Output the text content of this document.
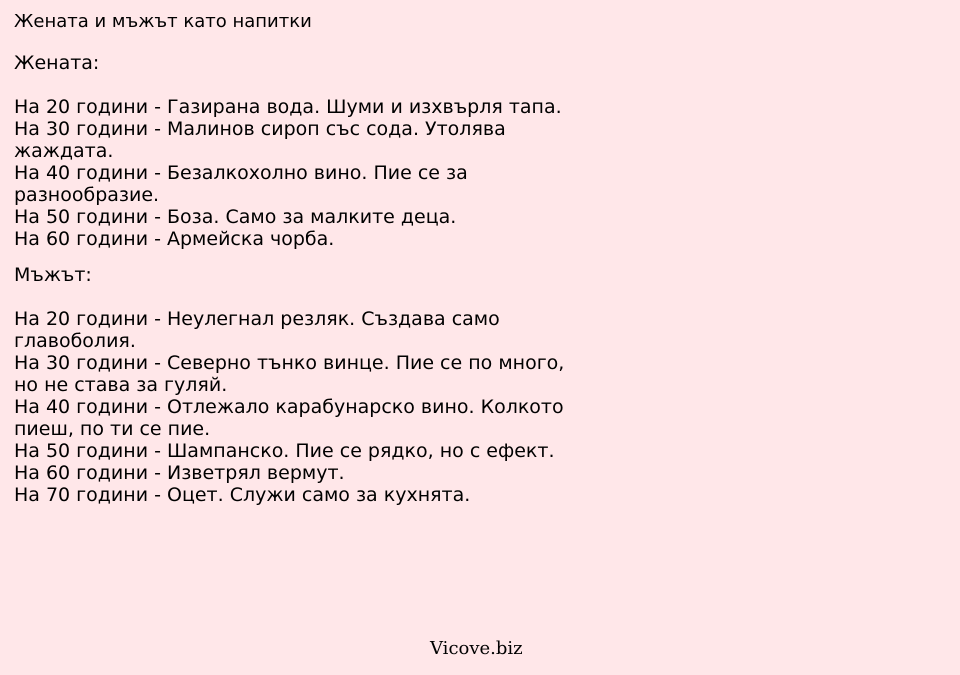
Жената и мъжът като напитки
Жената:
На 20 години - Газирана вода. Шуми и изхвърля тапа.
На 30 години - Малинов сироп със сода. Утолява жаждата.
На 40 години - Безалкохолно вино. Пие се за разнообразие.
На 50 години - Боза. Само за малките деца.
На 60 години - Армейска чорба.
Мъжът:
На 20 години - Неулегнал резляк. Създава само главоболия.
На 30 години - Северно тънко винце. Пие се по много, но не става за гуляй.
На 40 години - Отлежало карабунарско вино. Колкото пиеш, по ти се пие.
На 50 години - Шампанско. Пие се рядко, но с ефект.
На 60 години - Изветрял вермут.
На 70 години - Оцет. Служи само за кухнята.
Vicove.biz
